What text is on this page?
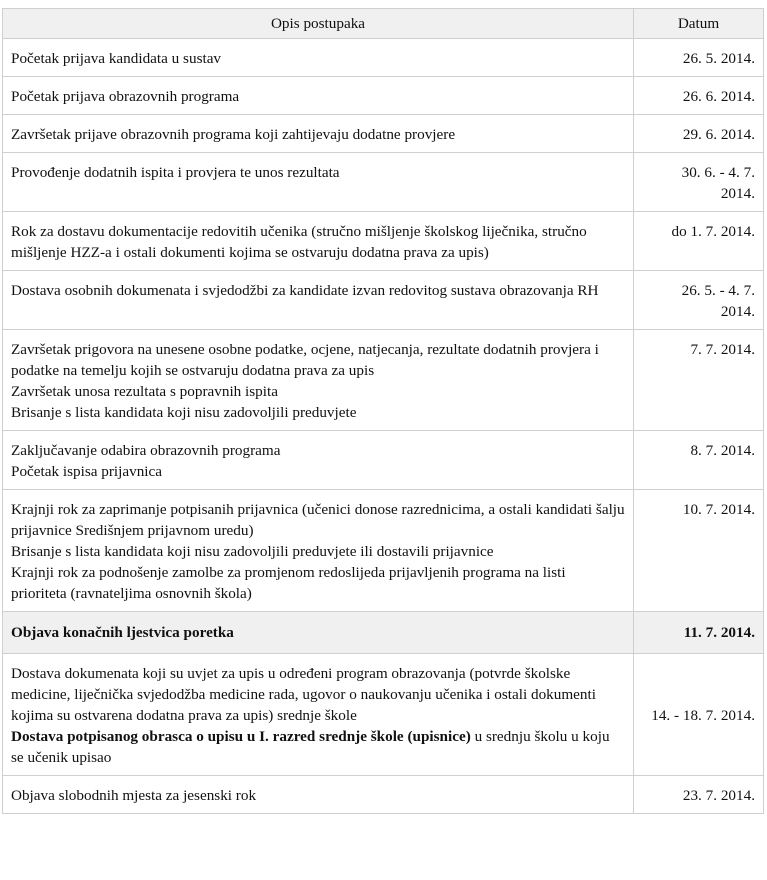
Opis postupaka	Datum

Početak prijava kandidata u sustav	26. 5. 2014.

Početak prijava obrazovnih programa	26. 6. 2014.

Završetak prijave obrazovnih programa koji zahtijevaju dodatne provjere	29. 6. 2014.

Provođenje dodatnih ispita i provjera te unos rezultata	30. 6. - 4. 7. 2014.

Rok za dostavu dokumentacije redovitih učenika (stručno mišljenje školskog liječnika, stručno mišljenje HZZ-a i ostali dokumenti kojima se ostvaruju dodatna prava za upis)	do 1. 7. 2014.

Dostava osobnih dokumenata i svjedodžbi za kandidate izvan redovitog sustava obrazovanja RH	26. 5. - 4. 7. 2014.

Završetak prigovora na unesene osobne podatke, ocjene, natjecanja, rezultate dodatnih provjera i podatke na temelju kojih se ostvaruju dodatna prava za upis
Završetak unosa rezultata s popravnih ispita
Brisanje s lista kandidata koji nisu zadovoljili preduvjete	7. 7. 2014.

Zaključavanje odabira obrazovnih programa
Početak ispisa prijavnica	8. 7. 2014.

Krajnji rok za zaprimanje potpisanih prijavnica (učenici donose razrednicima, a ostali kandidati šalju prijavnice Središnjem prijavnom uredu)
Brisanje s lista kandidata koji nisu zadovoljili preduvjete ili dostavili prijavnice
Krajnji rok za podnošenje zamolbe za promjenom redoslijeda prijavljenih programa na listi prioriteta (ravnateljima osnovnih škola)	10. 7. 2014.

Objava konačnih ljestvica poretka	11. 7. 2014.

Dostava dokumenata koji su uvjet za upis u određeni program obrazovanja (potvrde školske medicine, liječnička svjedodžba medicine rada, ugovor o naukovanju učenika i ostali dokumenti kojima su ostvarena dodatna prava za upis) srednje škole
Dostava potpisanog obrasca o upisu u I. razred srednje škole (upisnice) u srednju školu u koju se učenik upisao	14. - 18. 7. 2014.

Objava slobodnih mjesta za jesenski rok	23. 7. 2014.
